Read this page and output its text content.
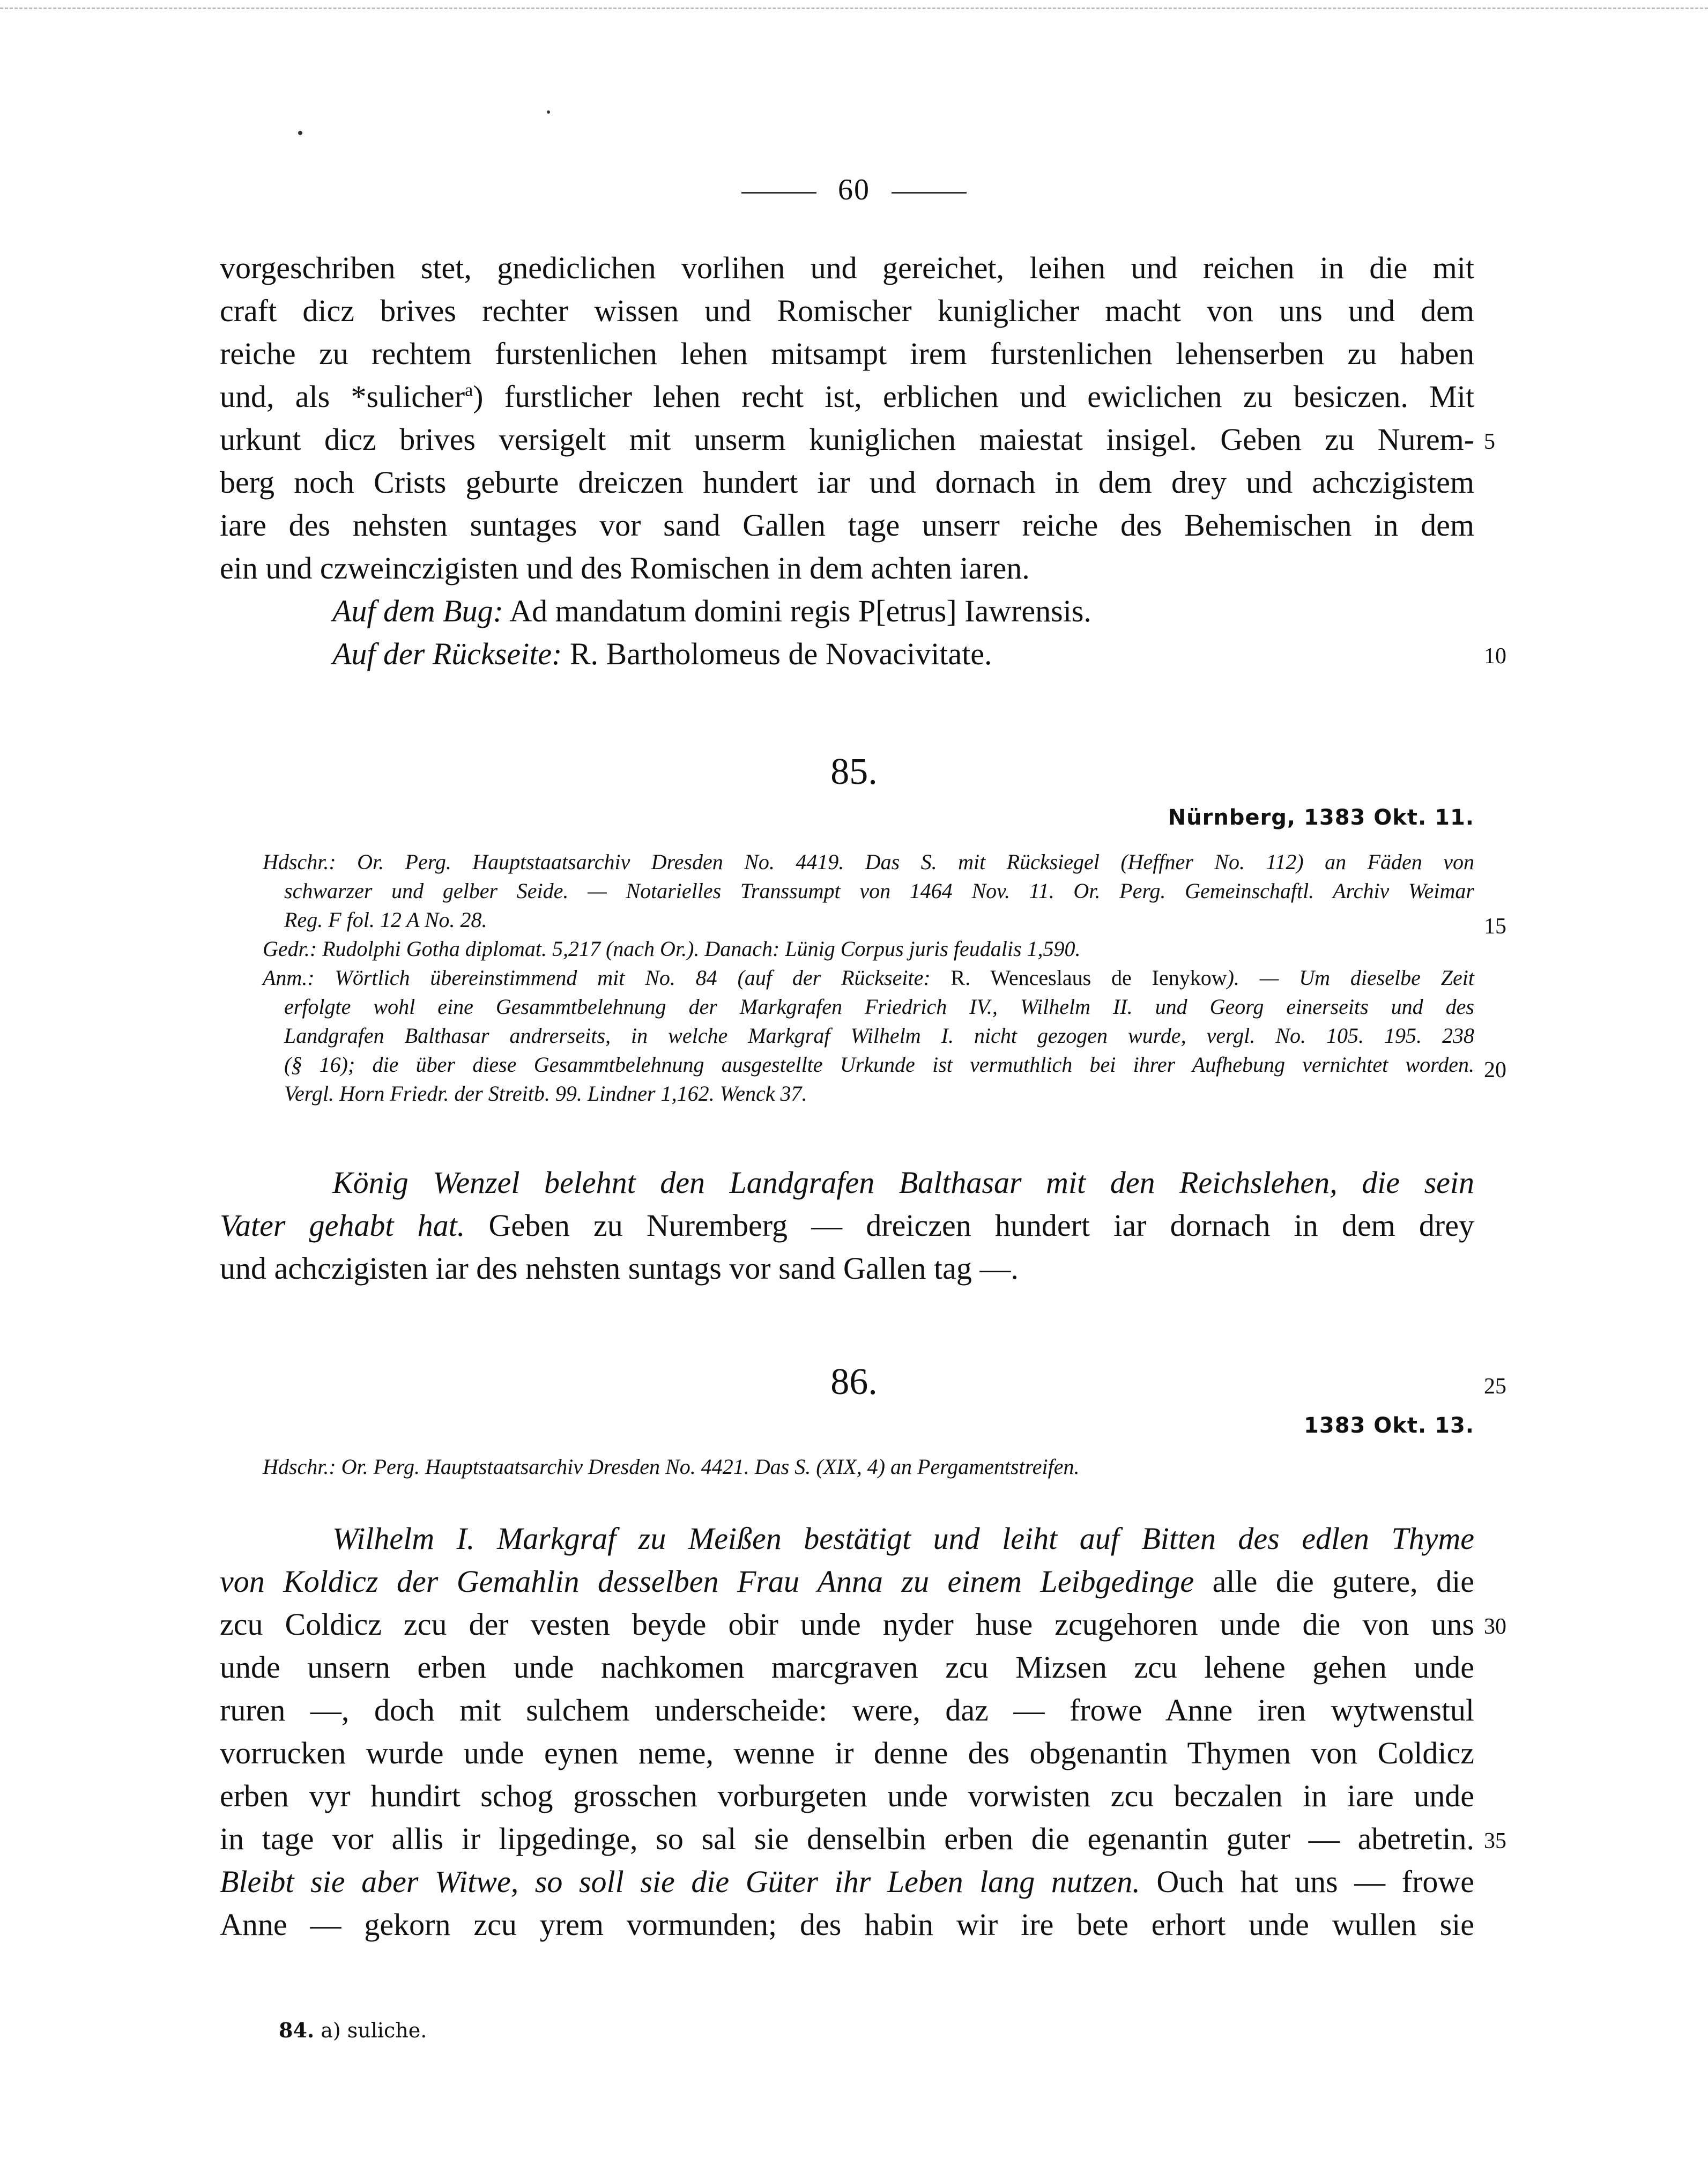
60
vorgeschriben stet, gnediclichen vorlihen und gereichet, leihen und reichen in die mit
craft dicz brives rechter wissen und Romischer kuniglicher macht von uns und dem
reiche zu rechtem furstenlichen lehen mitsampt irem furstenlichen lehenserben zu haben
und, als *sulicher$^a$) furstlicher lehen recht ist, erblichen und ewiclichen zu besiczen. Mit
urkunt dicz brives versigelt mit unserm kuniglichen maiestat insigel. Geben zu Nurem-
berg noch Crists geburte dreiczen hundert iar und dornach in dem drey und achczigistem
iare des nehsten suntages vor sand Gallen tage unserr reiche des Behemischen in dem
ein und czweinczigisten und des Romischen in dem achten iaren.
Auf dem Bug: Ad mandatum domini regis P[etrus] Iawrensis.
Auf der Rückseite: R. Bartholomeus de Novacivitate.
5
10
85.
Nürnberg, 1383 Okt. 11.
Hdschr.: Or. Perg. Hauptstaatsarchiv Dresden No. 4419. Das S. mit Rücksiegel (Heffner No. 112) an Fäden von
schwarzer und gelber Seide. — Notarielles Transsumpt von 1464 Nov. 11. Or. Perg. Gemeinschaftl. Archiv Weimar
Reg. F fol. 12 A No. 28.
Gedr.: Rudolphi Gotha diplomat. 5,217 (nach Or.). Danach: Lünig Corpus juris feudalis 1,590.
Anm.: Wörtlich übereinstimmend mit No. 84 (auf der Rückseite: R. Wenceslaus de Ienykow). — Um dieselbe Zeit
erfolgte wohl eine Gesammtbelehnung der Markgrafen Friedrich IV., Wilhelm II. und Georg einerseits und des
Landgrafen Balthasar andrerseits, in welche Markgraf Wilhelm I. nicht gezogen wurde, vergl. No. 105. 195. 238
(§ 16); die über diese Gesammtbelehnung ausgestellte Urkunde ist vermuthlich bei ihrer Aufhebung vernichtet worden.
Vergl. Horn Friedr. der Streitb. 99. Lindner 1,162. Wenck 37.
15
20
König Wenzel belehnt den Landgrafen Balthasar mit den Reichslehen, die sein
Vater gehabt hat. Geben zu Nuremberg — dreiczen hundert iar dornach in dem drey
und achczigisten iar des nehsten suntags vor sand Gallen tag —.
86.	25
1383 Okt. 13.
Hdschr.: Or. Perg. Hauptstaatsarchiv Dresden No. 4421. Das S. (XIX, 4) an Pergamentstreifen.
Wilhelm I. Markgraf zu Meißen bestätigt und leiht auf Bitten des edlen Thyme
von Koldicz der Gemahlin desselben Frau Anna zu einem Leibgedinge alle die gutere, die
zcu Coldicz zcu der vesten beyde obir unde nyder huse zcugehoren unde die von uns
unde unsern erben unde nachkomen marcgraven zcu Mizsen zcu lehene gehen unde
ruren —, doch mit sulchem underscheide: were, daz — frowe Anne iren wytwenstul
vorrucken wurde unde eynen neme, wenne ir denne des obgenantin Thymen von Coldicz
erben vyr hundirt schog grosschen vorburgeten unde vorwisten zcu beczalen in iare unde
in tage vor allis ir lipgedinge, so sal sie denselbin erben die egenantin guter — abetretin.
Bleibt sie aber Witwe, so soll sie die Güter ihr Leben lang nutzen. Ouch hat uns — frowe
Anne — gekorn zcu yrem vormunden; des habin wir ire bete erhort unde wullen sie
30
35
84. a) suliche.
